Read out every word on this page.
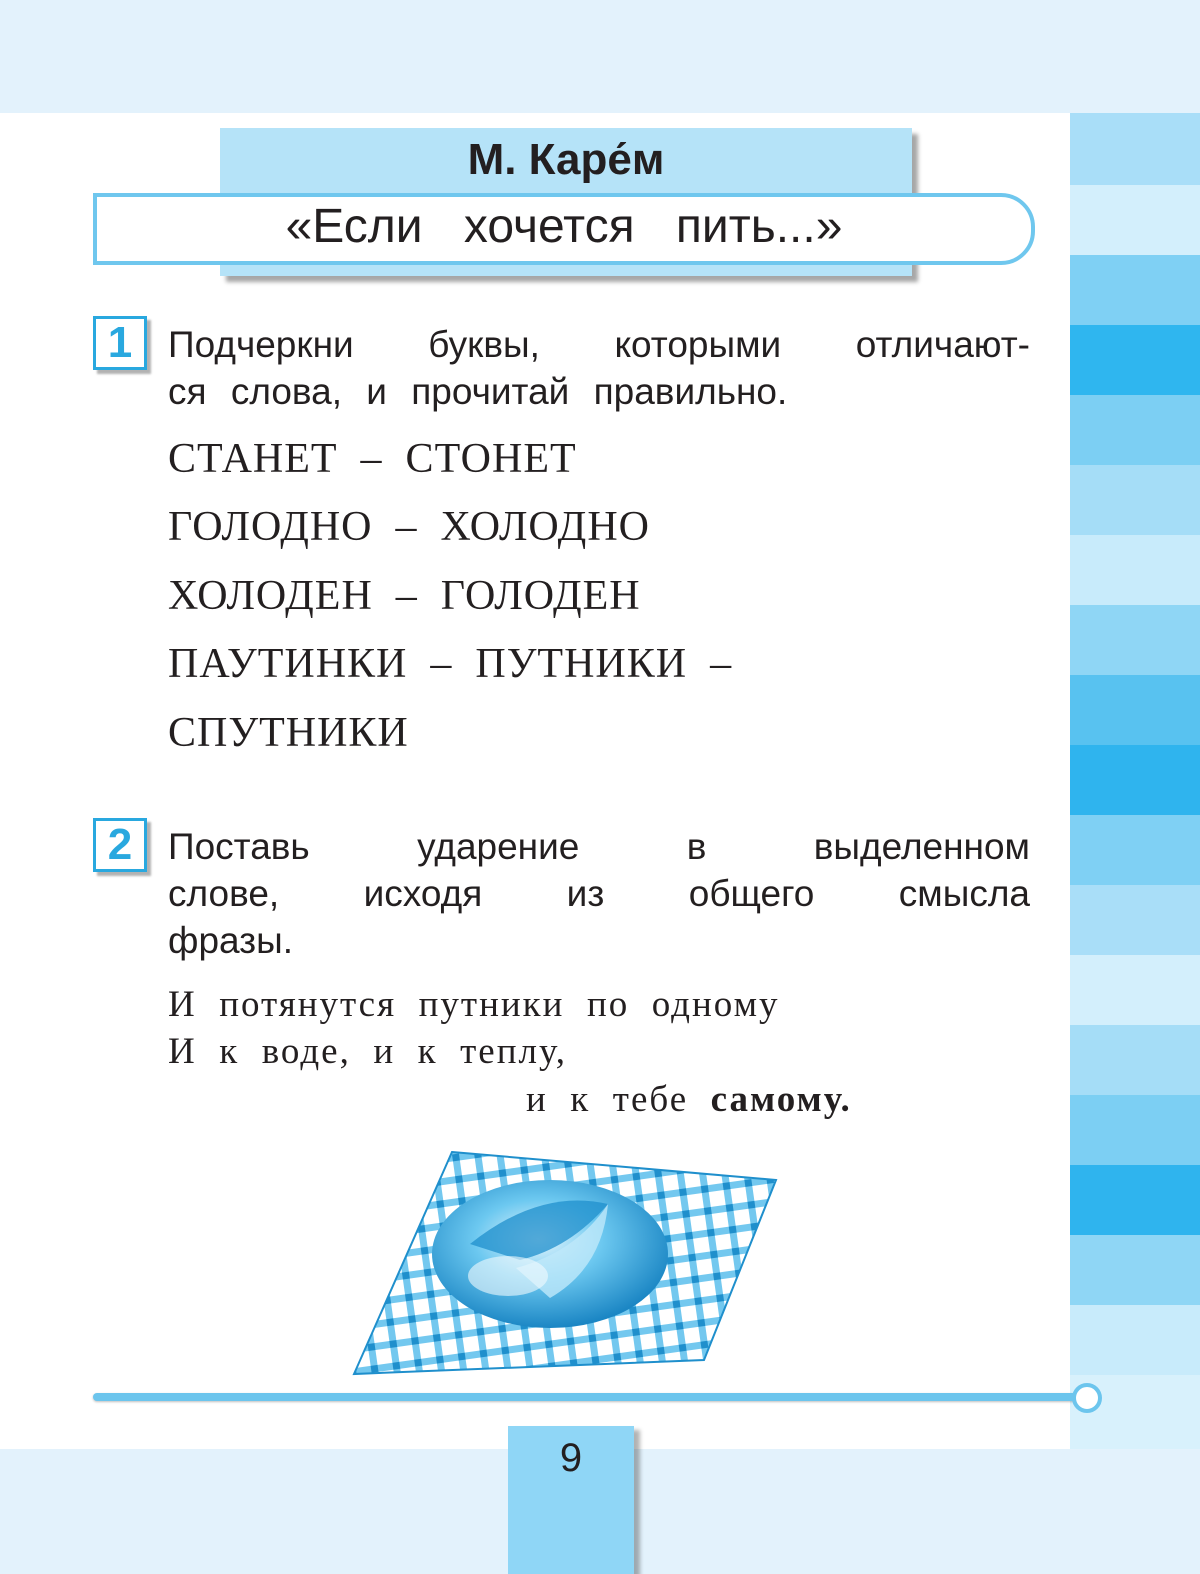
М. Каре́м
«Если хочется пить...»
1 Подчеркни буквы, которыми отличают-
ся слова, и прочитай правильно.
СТАНЕТ  –  СТОНЕТ
ГОЛОДНО  –  ХОЛОДНО
ХОЛОДЕН  –  ГОЛОДЕН
ПАУТИНКИ  –  ПУТНИКИ  –
СПУТНИКИ
2 Поставь ударение в выделенном
слове, исходя из общего смысла
фразы.
И  потянутся  путники  по  одному
И  к  воде,  и  к  теплу,
и  к  тебе  самому.
9
